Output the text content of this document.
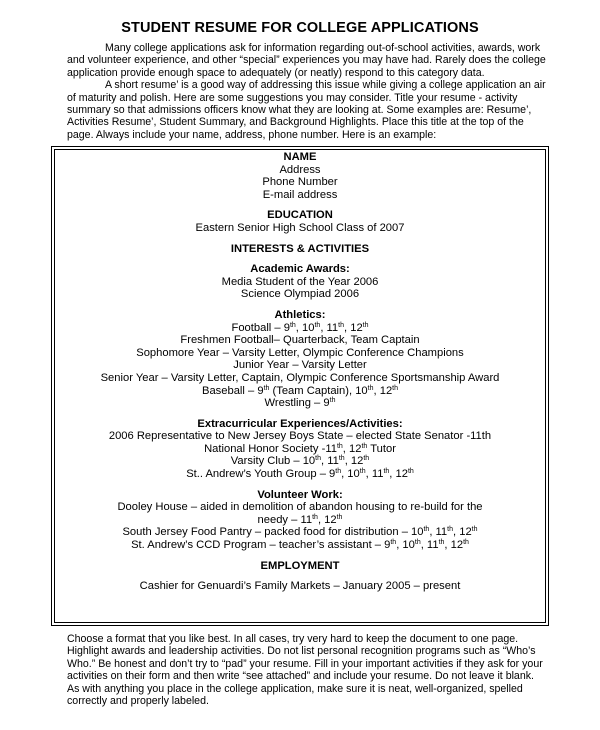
STUDENT RESUME FOR COLLEGE APPLICATIONS

Many college applications ask for information regarding out-of-school activities, awards, work and volunteer experience, and other “special” experiences you may have had. Rarely does the college application provide enough space to adequately (or neatly) respond to this category data.

A short resume’ is a good way of addressing this issue while giving a college application an air of maturity and polish. Here are some suggestions you may consider. Title your resume - activity summary so that admissions officers know what they are looking at. Some examples are: Resume’, Activities Resume’, Student Summary, and Background Highlights. Place this title at the top of the page. Always include your name, address, phone number. Here is an example:

NAME
Address
Phone Number
E-mail address
EDUCATION
Eastern Senior High School Class of 2007
INTERESTS & ACTIVITIES
Academic Awards:
Media Student of the Year 2006
Science Olympiad 2006
Athletics:
Football – 9th, 10th, 11th, 12th
Freshmen Football– Quarterback, Team Captain
Sophomore Year – Varsity Letter, Olympic Conference Champions
Junior Year – Varsity Letter
Senior Year – Varsity Letter, Captain, Olympic Conference Sportsmanship Award
Baseball – 9th (Team Captain), 10th, 12th
Wrestling – 9th
Extracurricular Experiences/Activities:
2006 Representative to New Jersey Boys State – elected State Senator -11th
National Honor Society -11th, 12th Tutor
Varsity Club – 10th, 11th, 12th
St.. Andrew’s Youth Group – 9th, 10th, 11th, 12th
Volunteer Work:
Dooley House – aided in demolition of abandon housing to re-build for the
needy – 11th, 12th
South Jersey Food Pantry – packed food for distribution – 10th, 11th, 12th
St. Andrew’s CCD Program – teacher’s assistant – 9th, 10th, 11th, 12th
EMPLOYMENT
Cashier for Genuardi’s Family Markets – January 2005 – present

Choose a format that you like best. In all cases, try very hard to keep the document to one page. Highlight awards and leadership activities. Do not list personal recognition programs such as “Who’s Who.” Be honest and don’t try to “pad” your resume. Fill in your important activities if they ask for your activities on their form and then write “see attached” and include your resume. Do not leave it blank.

As with anything you place in the college application, make sure it is neat, well-organized, spelled correctly and properly labeled.
